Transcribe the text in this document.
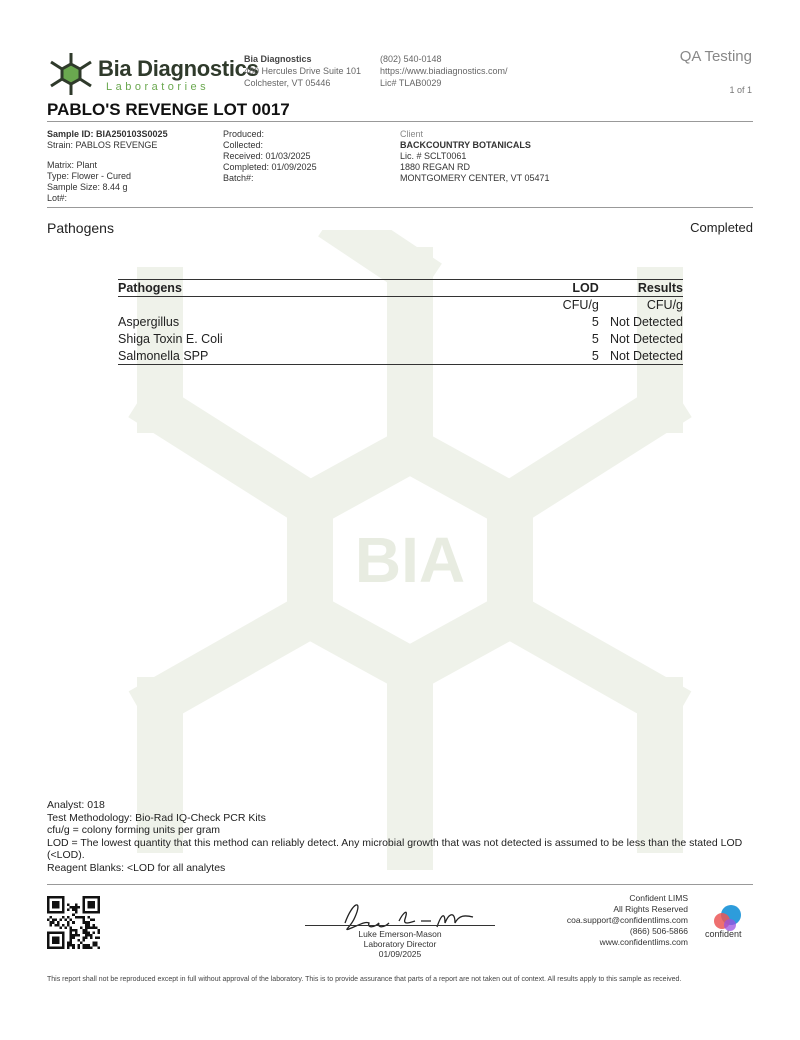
BIA
Bia Diagnostics
Laboratories
Bia Diagnostics
480 Hercules Drive Suite 101
Colchester, VT 05446
(802) 540-0148
https://www.biadiagnostics.com/
Lic# TLAB0029
QA Testing
1 of 1
PABLO'S REVENGE LOT 0017
Sample ID: BIA250103S0025
Strain: PABLOS REVENGE
Matrix: Plant
Type: Flower - Cured
Sample Size: 8.44 g
Lot#:
Produced:
Collected:
Received: 01/03/2025
Completed: 01/09/2025
Batch#:
Client
BACKCOUNTRY BOTANICALS
Lic. # SCLT0061
1880 REGAN RD
MONTGOMERY CENTER, VT 05471
Pathogens	Completed
Pathogens	LOD	Results
	CFU/g	CFU/g
Aspergillus	5	Not Detected
Shiga Toxin E. Coli	5	Not Detected
Salmonella SPP	5	Not Detected
Analyst: 018
Test Methodology: Bio-Rad IQ-Check PCR Kits
cfu/g = colony forming units per gram
LOD = The lowest quantity that this method can reliably detect. Any microbial growth that was not detected is assumed to be less than the stated LOD (<LOD).
Reagent Blanks: <LOD for all analytes
Luke Emerson-Mason
Laboratory Director
01/09/2025
Confident LIMS
All Rights Reserved
coa.support@confidentlims.com
(866) 506-5866
www.confidentlims.com
confident
This report shall not be reproduced except in full without approval of the laboratory. This is to provide assurance that parts of a report are not taken out of context. All results apply to this sample as received.
